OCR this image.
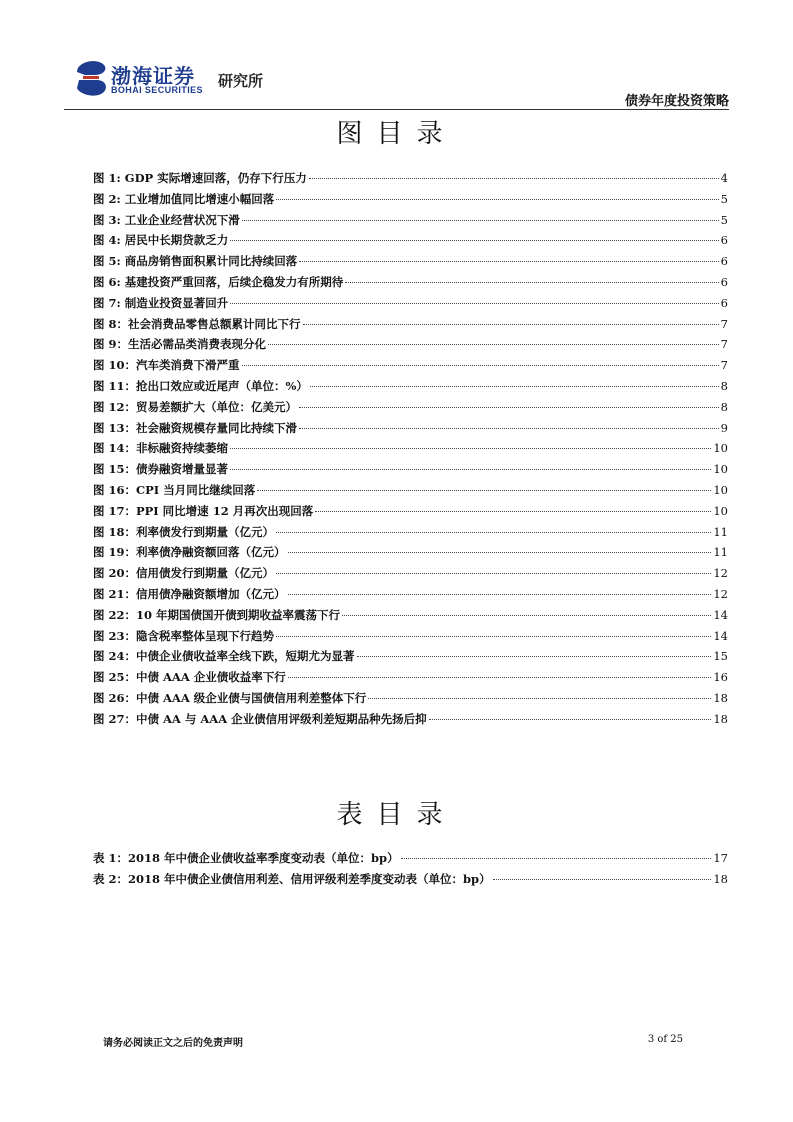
渤海证券
BOHAI SECURITIES 研究所
债券年度投资策略
图目录
图 1: GDP 实际增速回落，仍存下行压力	4
图 2: 工业增加值同比增速小幅回落	5
图 3: 工业企业经营状况下滑	5
图 4: 居民中长期贷款乏力	6
图 5: 商品房销售面积累计同比持续回落	6
图 6: 基建投资严重回落，后续企稳发力有所期待	6
图 7: 制造业投资显著回升	6
图 8：社会消费品零售总额累计同比下行	7
图 9：生活必需品类消费表现分化	7
图 10：汽车类消费下滑严重	7
图 11：抢出口效应或近尾声（单位：%）	8
图 12：贸易差额扩大（单位：亿美元）	8
图 13：社会融资规模存量同比持续下滑	9
图 14：非标融资持续萎缩	10
图 15：债券融资增量显著	10
图 16：CPI 当月同比继续回落	10
图 17：PPI 同比增速 12 月再次出现回落	10
图 18：利率债发行到期量（亿元）	11
图 19：利率债净融资额回落（亿元）	11
图 20：信用债发行到期量（亿元）	12
图 21：信用债净融资额增加（亿元）	12
图 22：10 年期国债国开债到期收益率震荡下行	14
图 23：隐含税率整体呈现下行趋势	14
图 24：中债企业债收益率全线下跌，短期尤为显著	15
图 25：中债 AAA 企业债收益率下行	16
图 26：中债 AAA 级企业债与国债信用利差整体下行	18
图 27：中债 AA 与 AAA 企业债信用评级利差短期品种先扬后抑	18
表目录
表 1：2018 年中债企业债收益率季度变动表（单位：bp）	17
表 2：2018 年中债企业债信用利差、信用评级利差季度变动表（单位：bp）	18
请务必阅读正文之后的免责声明	3 of 25
